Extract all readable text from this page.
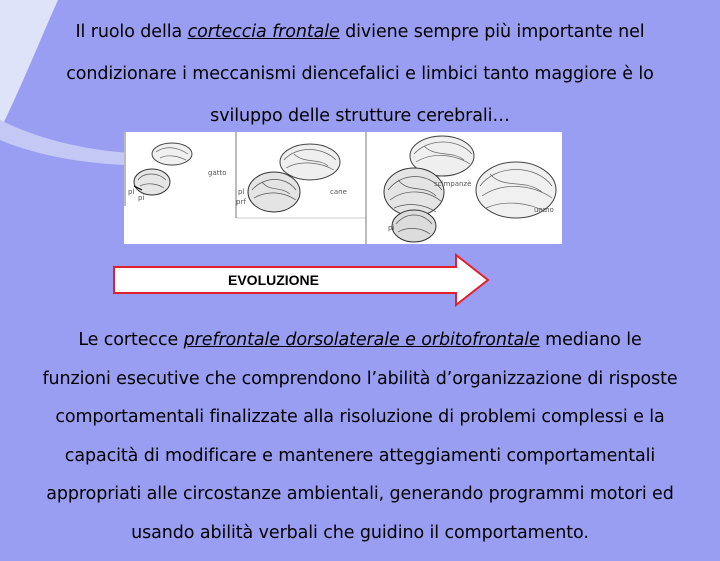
Il ruolo della corteccia frontale diviene sempre più importante nel
condizionare i meccanismi diencefalici e limbici tanto maggiore è lo
sviluppo delle strutture cerebrali…
gatto
pl
pi
cane
pl
prf
scimpanzè
uomo
pi
EVOLUZIONE
Le cortecce prefrontale dorsolaterale e orbitofrontale mediano le
funzioni esecutive che comprendono l’abilità d’organizzazione di risposte
comportamentali finalizzate alla risoluzione di problemi complessi e la
capacità di modificare e mantenere atteggiamenti comportamentali
appropriati alle circostanze ambientali, generando programmi motori ed
usando abilità verbali che guidino il comportamento.
